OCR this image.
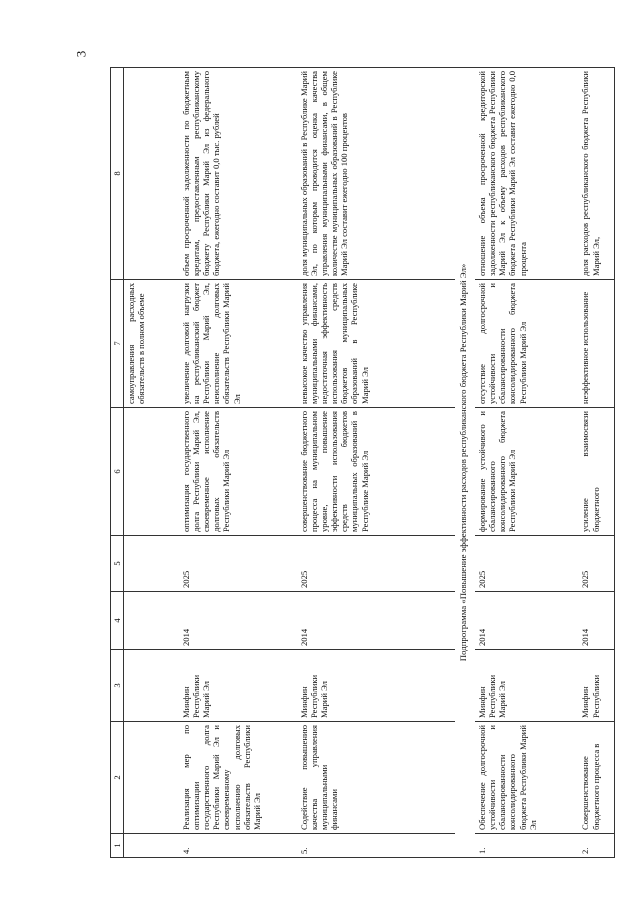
3
1	2	3	4	5	6	7	8
						самоуправления расходных обязательств в полном объеме	
4.	Реализация мер по оптимизации государственного долга Республики Марий Эл и своевременному исполнению долговых обязательств Республики Марий Эл	Минфин Республики Марий Эл	2014	2025	оптимизация государственного долга Республики Марий Эл, своевременное исполнение долговых обязательств Республики Марий Эл	увеличение долговой нагрузки на республиканский бюджет Республики Марий Эл, неисполнение долговых обязательств Республики Марий Эл	объем просроченной задолженности по бюджетным кредитам, предоставленным республиканскому бюджету Республики Марий Эл из федерального бюджета, ежегодно составит 0,0 тыс. рублей
5.	Содействие повышению качества управления муниципальными финансами	Минфин Республики Марий Эл	2014	2025	совершенствование бюджетного процесса на муниципальном уровне, повышение эффективности использования средств бюджетов муниципальных образований в Республике Марий Эл	невысокое качество управления муниципальными финансами, недостаточная эффективность использования средств бюджетов муниципальных образований в Республике Марий Эл	доля муниципальных образований в Республике Марий Эл, по которым проводится оценка качества управления муниципальными финансами, в общем количестве муниципальных образований в Республике Марий Эл составит ежегодно 100 процентов
Подпрограмма «Повышение эффективности расходов республиканского бюджета Республики Марий Эл»							
1.	Обеспечение долгосрочной устойчивости и сбалансированности консолидированного бюджета Республики Марий Эл	Минфин Республики Марий Эл	2014	2025	формирование устойчивого и сбалансированного консолидированного бюджета Республики Марий Эл	отсутствие долгосрочной устойчивости и сбалансированности консолидированного бюджета Республики Марий Эл	отношение объема просроченной кредиторской задолженности республиканского бюджета Республики Марий Эл к объему расходов республиканского бюджета Республики Марий Эл составит ежегодно 0,0 процента
2.	Совершенствование бюджетного процесса в	Минфин Республики	2014	2025	усиление взаимосвязи бюджетного	неэффективное использование	доля расходов республиканского бюджета Республики Марий Эл,
